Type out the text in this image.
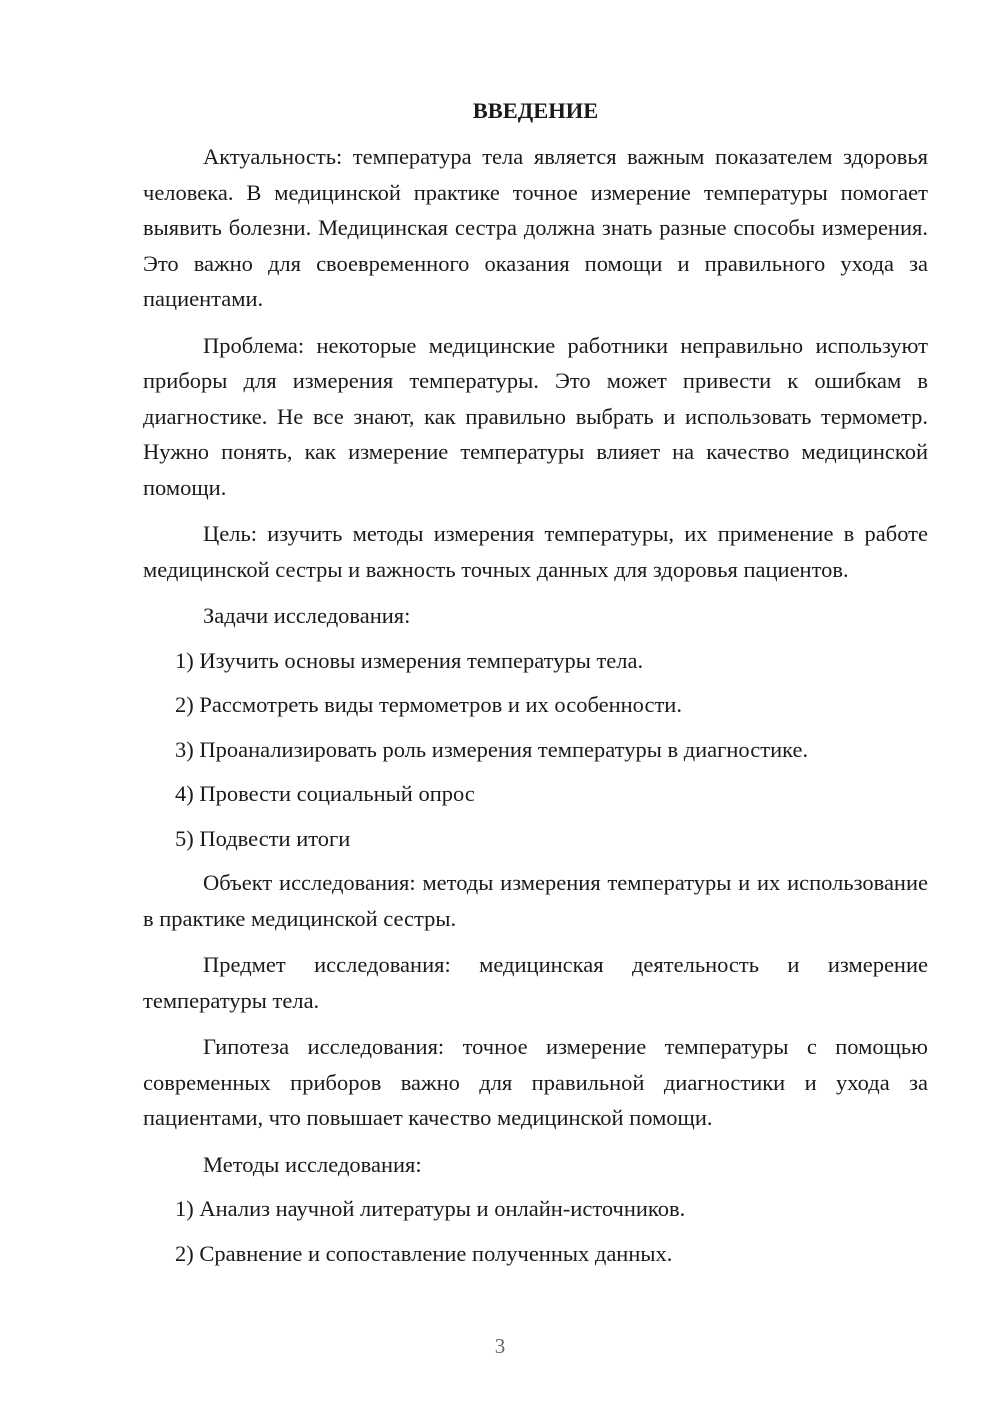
ВВЕДЕНИЕ
Актуальность: температура тела является важным показателем здоровья человека. В медицинской практике точное измерение температуры помогает выявить болезни. Медицинская сестра должна знать разные способы измерения. Это важно для своевременного оказания помощи и правильного ухода за пациентами.
Проблема: некоторые медицинские работники неправильно используют приборы для измерения температуры. Это может привести к ошибкам в диагностике. Не все знают, как правильно выбрать и использовать термометр. Нужно понять, как измерение температуры влияет на качество медицинской помощи.
Цель: изучить методы измерения температуры, их применение в работе медицинской сестры и важность точных данных для здоровья пациентов.
Задачи исследования:
1) Изучить основы измерения температуры тела.
2) Рассмотреть виды термометров и их особенности.
3) Проанализировать роль измерения температуры в диагностике.
4) Провести социальный опрос
5) Подвести итоги
Объект исследования: методы измерения температуры и их использование в практике медицинской сестры.
Предмет исследования: медицинская деятельность и измерение температуры тела.
Гипотеза исследования: точное измерение температуры с помощью современных приборов важно для правильной диагностики и ухода за пациентами, что повышает качество медицинской помощи.
Методы исследования:
1) Анализ научной литературы и онлайн-источников.
2) Сравнение и сопоставление полученных данных.
3
